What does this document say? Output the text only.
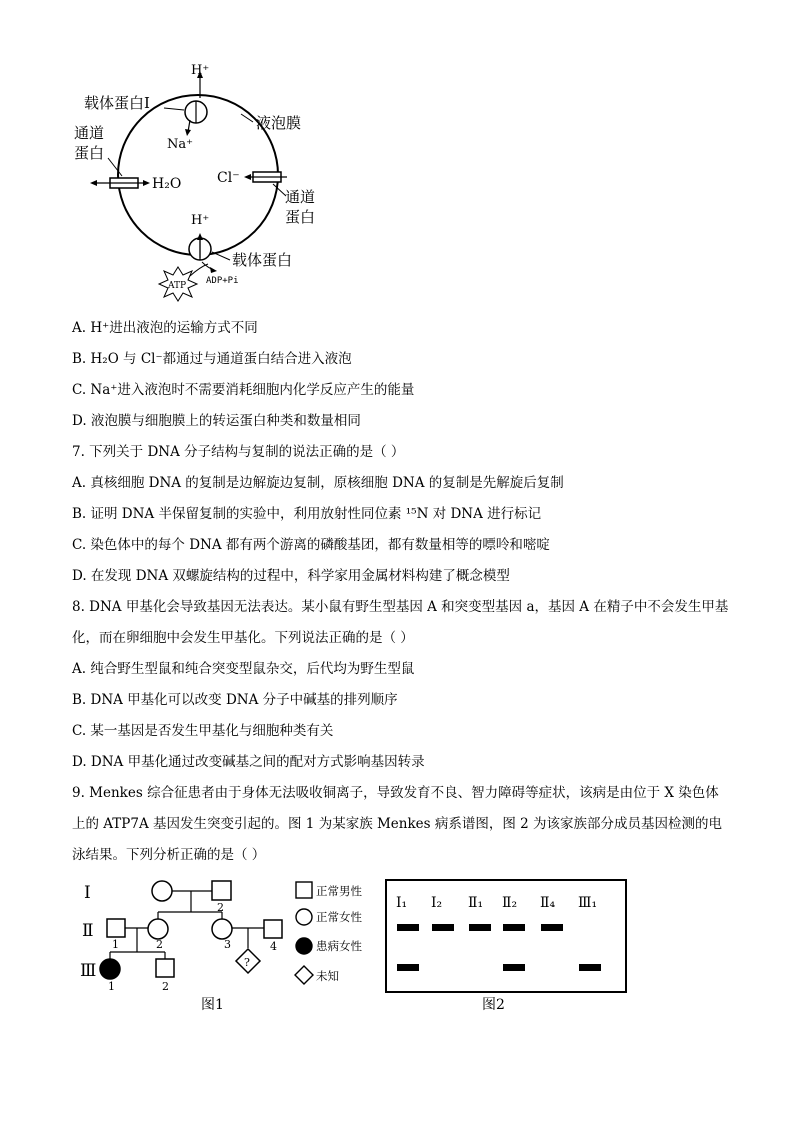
H⁺
Na⁺
载体蛋白Ⅰ
液泡膜
通道
蛋白
H₂O	Cl⁻
通道
蛋白
H⁺
载体蛋白
ATP ADP+Pi
A. H⁺进出液泡的运输方式不同
B. H₂O 与 Cl⁻都通过与通道蛋白结合进入液泡
C. Na⁺进入液泡时不需要消耗细胞内化学反应产生的能量
D. 液泡膜与细胞膜上的转运蛋白种类和数量相同
7. 下列关于 DNA 分子结构与复制的说法正确的是（ ）
A. 真核细胞 DNA 的复制是边解旋边复制，原核细胞 DNA 的复制是先解旋后复制
B. 证明 DNA 半保留复制的实验中，利用放射性同位素 ¹⁵N 对 DNA 进行标记
C. 染色体中的每个 DNA 都有两个游离的磷酸基团，都有数量相等的嘌呤和嘧啶
D. 在发现 DNA 双螺旋结构的过程中，科学家用金属材料构建了概念模型
8. DNA 甲基化会导致基因无法表达。某小鼠有野生型基因 A 和突变型基因 a，基因 A 在精子中不会发生甲基化，而在卵细胞中会发生甲基化。下列说法正确的是（ ）
A. 纯合野生型鼠和纯合突变型鼠杂交，后代均为野生型鼠
B. DNA 甲基化可以改变 DNA 分子中碱基的排列顺序
C. 某一基因是否发生甲基化与细胞种类有关
D. DNA 甲基化通过改变碱基之间的配对方式影响基因转录
9. Menkes 综合征患者由于身体无法吸收铜离子，导致发育不良、智力障碍等症状，该病是由位于 X 染色体上的 ATP7A 基因发生突变引起的。图 1 为某家族 Menkes 病系谱图，图 2 为该家族部分成员基因检测的电泳结果。下列分析正确的是（ ）
Ⅰ
Ⅱ
Ⅲ
2
1	2	3	4
?
1	2
正常男性
正常女性
患病女性
未知
图1
Ⅰ₁ Ⅰ₂ Ⅱ₁ Ⅱ₂ Ⅱ₄ Ⅲ₁
图2
